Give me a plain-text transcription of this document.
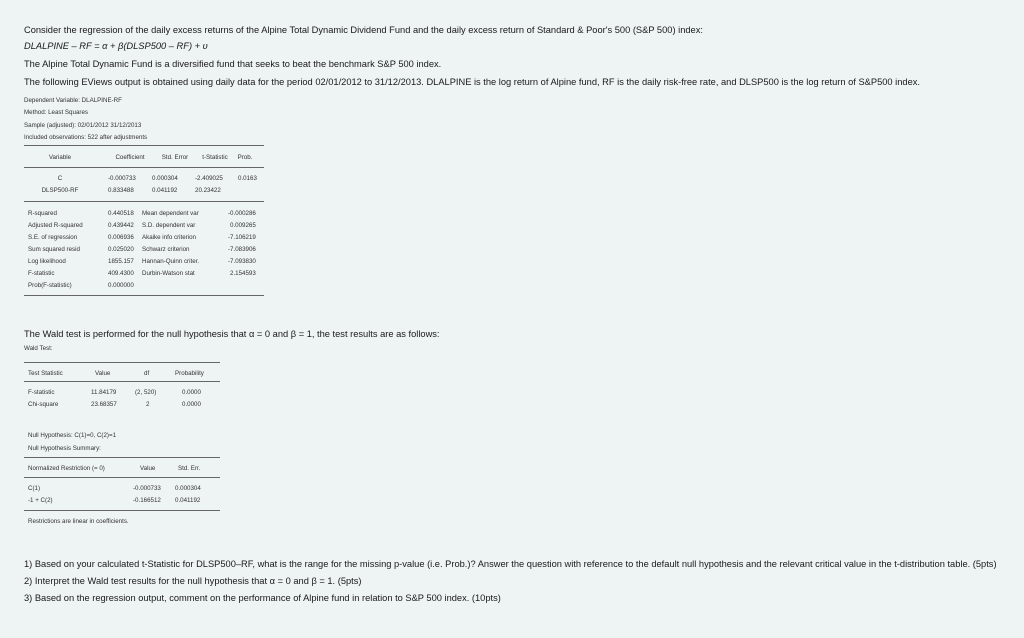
Consider the regression of the daily excess returns of the Alpine Total Dynamic Dividend Fund and the daily excess return of Standard & Poor's 500 (S&P 500) index:
DLALPINE – RF = α + β(DLSP500 – RF) + υ
The Alpine Total Dynamic Fund is a diversified fund that seeks to beat the benchmark S&P 500 index.
The following EViews output is obtained using daily data for the period 02/01/2012 to 31/12/2013. DLALPINE is the log return of Alpine fund, RF is the daily risk-free rate, and DLSP500 is the log return of S&P500 index.
Dependent Variable: DLALPINE-RF
Method: Least Squares
Sample (adjusted): 02/01/2012 31/12/2013
Included observations: 522 after adjustments
Variable	Coefficient	Std. Error	t-Statistic	Prob.
C	-0.000733	0.000304	-2.409025 0.0163
DLSP500-RF	0.833488	0.041192	20.23422
R-squared	0.440518 Mean dependent var	-0.000286
Adjusted R-squared	0.439442 S.D. dependent var	0.009265
S.E. of regression	0.006936 Akaike info criterion	-7.106219
Sum squared resid	0.025020 Schwarz criterion	-7.083906
Log likelihood	1855.157 Hannan-Quinn criter.	-7.093830
F-statistic	409.4300 Durbin-Watson stat	2.154593
Prob(F-statistic)	0.000000
The Wald test is performed for the null hypothesis that α = 0 and β = 1, the test results are as follows:
Wald Test:
Test Statistic	Value	df	Probability
F-statistic	11.84179	(2, 520)	0.0000
Chi-square	23.68357	2	0.0000
Null Hypothesis: C(1)=0, C(2)=1
Null Hypothesis Summary:
Normalized Restriction (= 0)	Value	Std. Err.
C(1)	-0.000733 0.000304
-1 + C(2)	-0.166512 0.041192
Restrictions are linear in coefficients.
1) Based on your calculated t-Statistic for DLSP500–RF, what is the range for the missing p-value (i.e. Prob.)? Answer the question with reference to the default null hypothesis and the relevant critical value in the t-distribution table. (5pts)
2) Interpret the Wald test results for the null hypothesis that α = 0 and β = 1. (5pts)
3) Based on the regression output, comment on the performance of Alpine fund in relation to S&P 500 index. (10pts)
